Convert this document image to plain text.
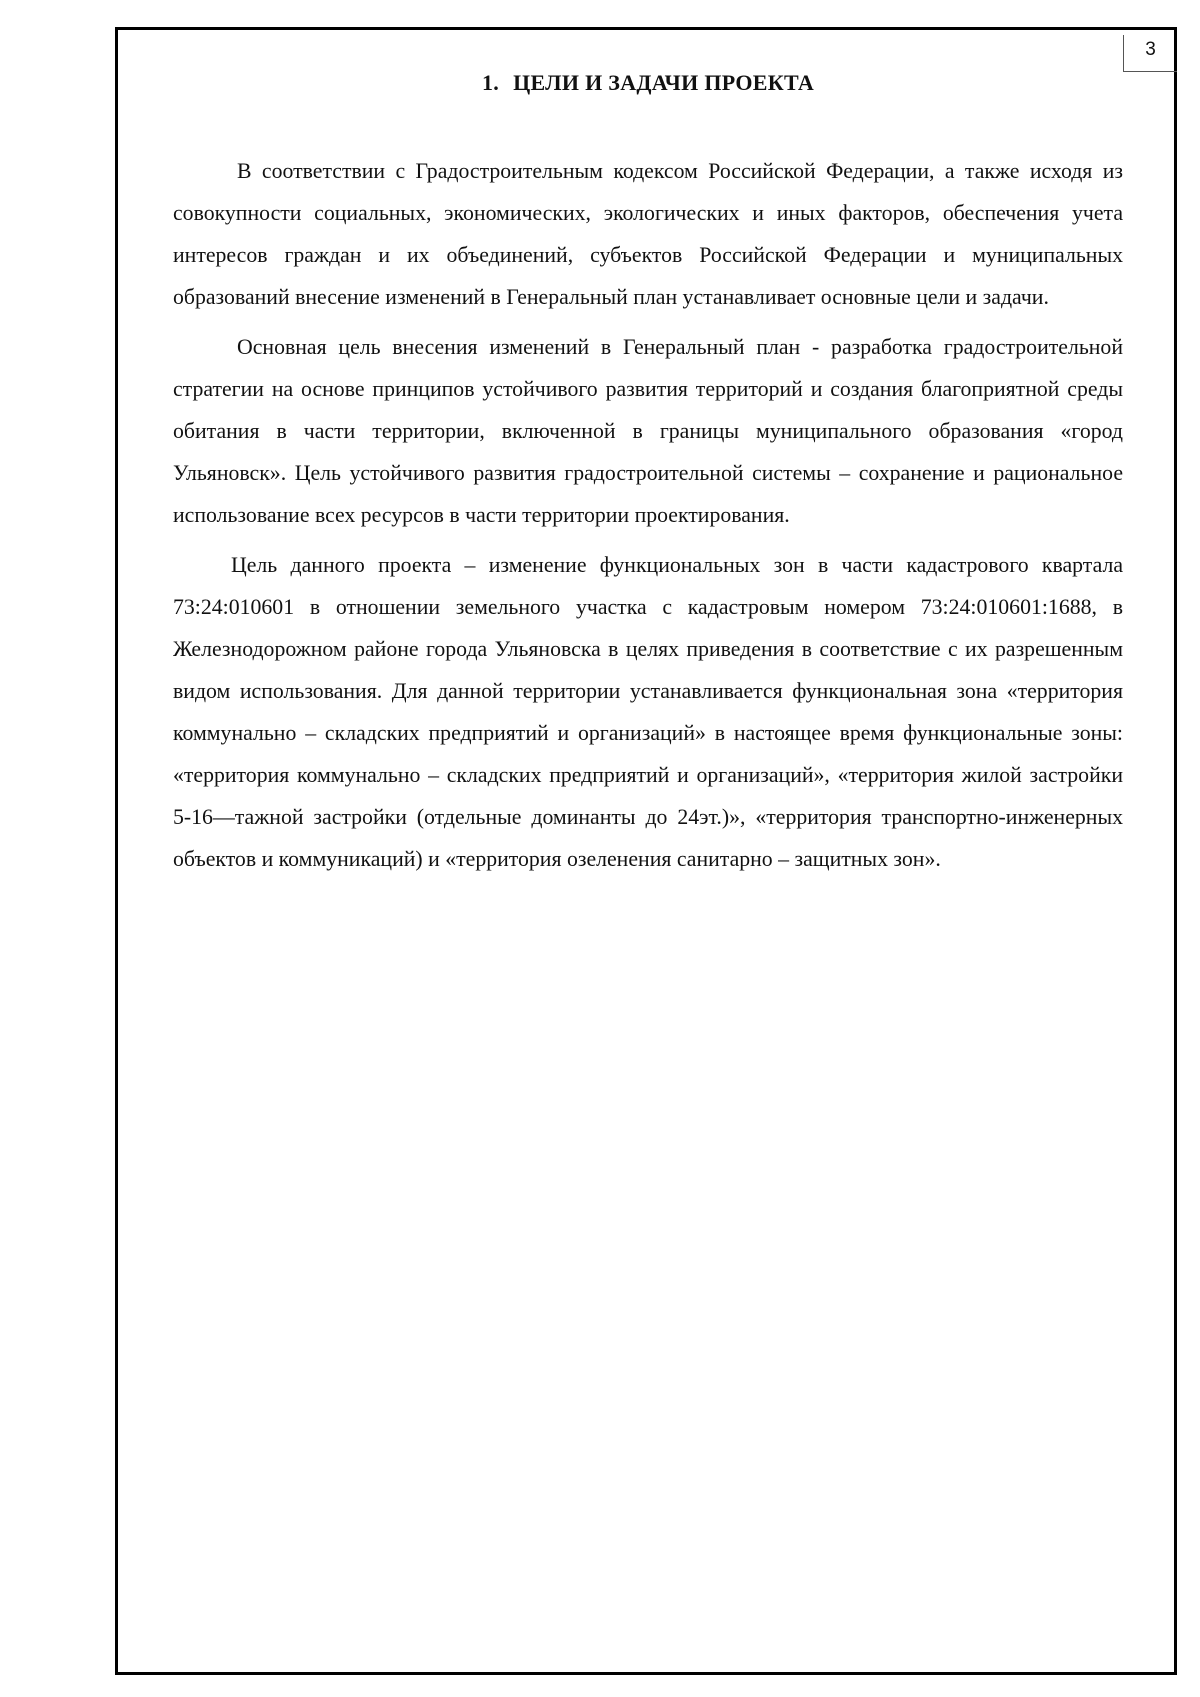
3
1. ЦЕЛИ И ЗАДАЧИ ПРОЕКТА

В соответствии с Градостроительным кодексом Российской Федерации, а также исходя из совокупности социальных, экономических, экологических и иных факторов, обеспечения учета интересов граждан и их объединений, субъектов Российской Федерации и муниципальных образований внесение изменений в Генеральный план устанавливает основные цели и задачи.

Основная цель внесения изменений в Генеральный план - разработка градостроительной стратегии на основе принципов устойчивого развития территорий и создания благоприятной среды обитания в части территории, включенной в границы муниципального образования «город Ульяновск». Цель устойчивого развития градостроительной системы – сохранение и рациональное использование всех ресурсов в части территории проектирования.

Цель данного проекта – изменение функциональных зон в части кадастрового квартала 73:24:010601 в отношении земельного участка с кадастровым номером 73:24:010601:1688, в Железнодорожном районе города Ульяновска в целях приведения в соответствие с их разрешенным видом использования. Для данной территории устанавливается функциональная зона «территория коммунально – складских предприятий и организаций» в настоящее время функциональные зоны: «территория коммунально – складских предприятий и организаций», «территория жилой застройки 5-16—тажной застройки (отдельные доминанты до 24эт.)», «территория транспортно-инженерных объектов и коммуникаций) и «территория озеленения санитарно – защитных зон».
